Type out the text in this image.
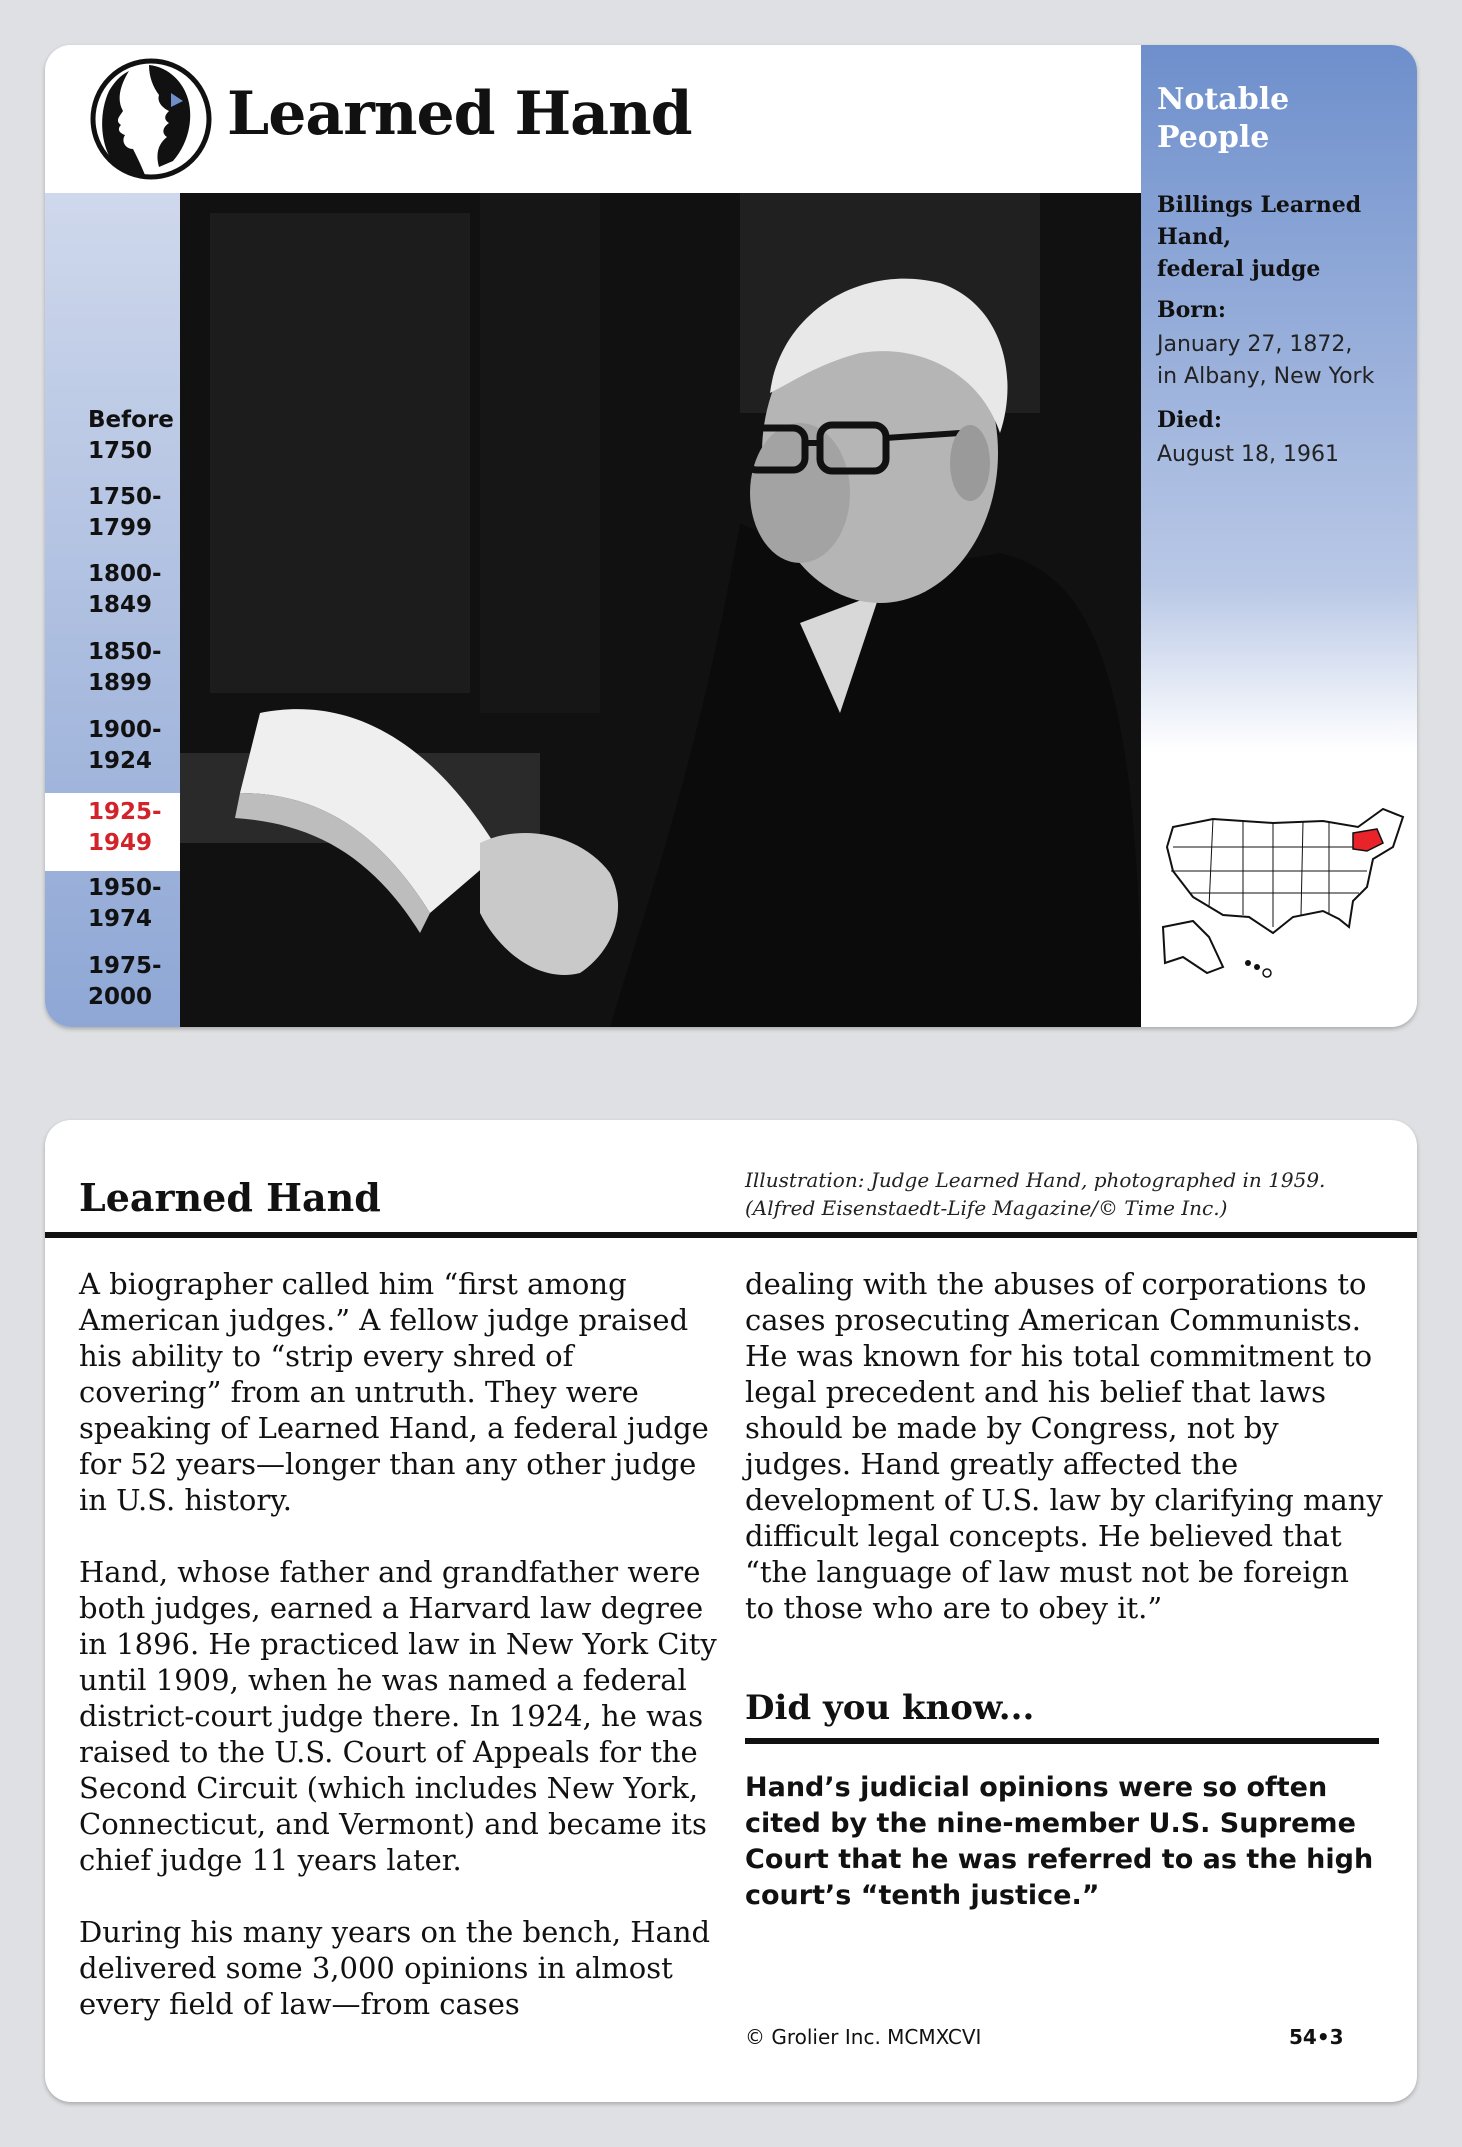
Learned Hand
Before
1750
1750-
1799
1800-
1849
1850-
1899
1900-
1924
1925-
1949
1950-
1974
1975-
2000
Notable
People
Billings Learned
Hand,
federal judge
Born:
January 27, 1872,
in Albany, New York
Died:
August 18, 1961
Learned Hand	Illustration: Judge Learned Hand, photographed in 1959.
(Alfred Eisenstaedt-Life Magazine/© Time Inc.)

A biographer called him “first among American judges.” A fellow judge praised his ability to “strip every shred of covering” from an untruth. They were speaking of Learned Hand, a federal judge for 52 years—longer than any other judge in U.S. history.

Hand, whose father and grandfather were both judges, earned a Harvard law degree in 1896. He practiced law in New York City until 1909, when he was named a federal district-court judge there. In 1924, he was raised to the U.S. Court of Appeals for the Second Circuit (which includes New York, Connecticut, and Vermont) and became its chief judge 11 years later.

During his many years on the bench, Hand delivered some 3,000 opinions in almost every field of law—from cases

dealing with the abuses of corporations to cases prosecuting American Communists. He was known for his total commitment to legal precedent and his belief that laws should be made by Congress, not by judges. Hand greatly affected the development of U.S. law by clarifying many difficult legal concepts. He believed that “the language of law must not be foreign to those who are to obey it.”

Did you know...
Hand’s judicial opinions were so often cited by the nine-member U.S. Supreme Court that he was referred to as the high court’s “tenth justice.”
© Grolier Inc. MCMXCVI	54•3
